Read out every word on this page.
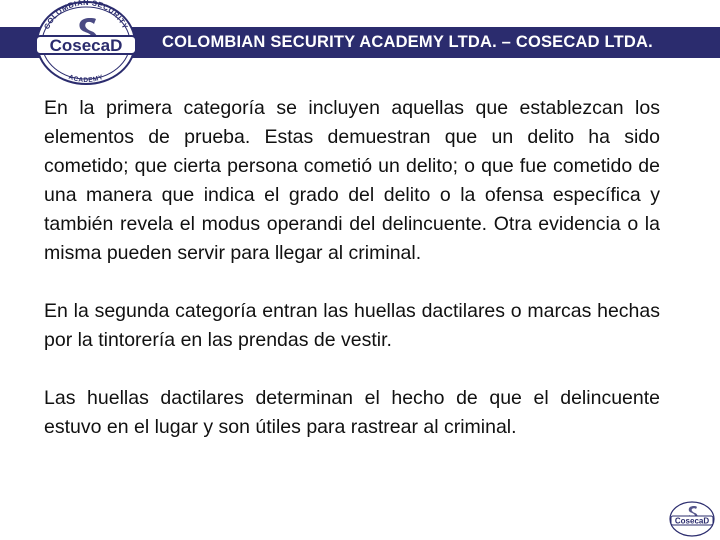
COLOMBIAN SECURITY ACADEMY LTDA. – COSECAD LTDA.
COLOMBIAN SECURITY
ACADEMY
CosecaD

En la primera categoría se incluyen aquellas que establezcan los elementos de prueba. Estas demuestran que un delito ha sido cometido; que cierta persona cometió un delito; o que fue cometido de una manera que indica el grado del delito o la ofensa específica y también revela el modus operandi del delincuente. Otra evidencia o la misma pueden servir para llegar al criminal.

En la segunda categoría entran las huellas dactilares o marcas hechas por la tintorería en las prendas de vestir.

Las huellas dactilares determinan el hecho de que el delincuente estuvo en el lugar y son útiles para rastrear al criminal.

CosecaD
